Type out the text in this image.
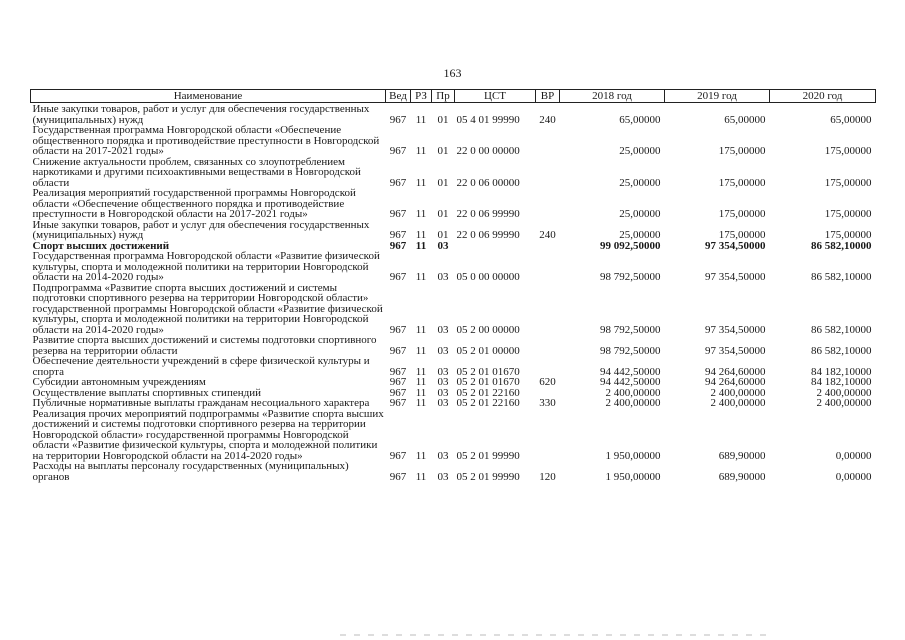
163
Наименование	Вед	РЗ	Пр	ЦСТ	ВР	2018 год	2019 год	2020 год
Иные закупки товаров, работ и услуг для обеспечения государственных (муниципальных) нужд	967	11	01	05 4 01 99990	240	65,00000	65,00000	65,00000
Государственная программа Новгородской области «Обеспечение общественного порядка и противодействие преступности в Новгородской области на 2017-2021 годы»	967	11	01	22 0 00 00000		25,00000	175,00000	175,00000
Снижение актуальности проблем, связанных со злоупотреблением наркотиками и другими психоактивными веществами в Новгородской области	967	11	01	22 0 06 00000		25,00000	175,00000	175,00000
Реализация мероприятий государственной программы Новгородской области «Обеспечение общественного порядка и противодействие преступности в Новгородской области на 2017-2021 годы»	967	11	01	22 0 06 99990		25,00000	175,00000	175,00000
Иные закупки товаров, работ и услуг для обеспечения государственных (муниципальных) нужд	967	11	01	22 0 06 99990	240	25,00000	175,00000	175,00000
Спорт высших достижений	967	11	03			99 092,50000	97 354,50000	86 582,10000
Государственная программа Новгородской области «Развитие физической культуры, спорта и молодежной политики на территории Новгородской области на 2014-2020 годы»	967	11	03	05 0 00 00000		98 792,50000	97 354,50000	86 582,10000
Подпрограмма «Развитие спорта высших достижений и системы подготовки спортивного резерва на территории Новгородской области» государственной программы Новгородской области «Развитие физической культуры, спорта и молодежной политики на территории Новгородской области на 2014-2020 годы»	967	11	03	05 2 00 00000		98 792,50000	97 354,50000	86 582,10000
Развитие спорта высших достижений и системы подготовки спортивного резерва на территории области	967	11	03	05 2 01 00000		98 792,50000	97 354,50000	86 582,10000
Обеспечение деятельности учреждений в сфере физической культуры и спорта	967	11	03	05 2 01 01670		94 442,50000	94 264,60000	84 182,10000
Субсидии автономным учреждениям	967	11	03	05 2 01 01670	620	94 442,50000	94 264,60000	84 182,10000
Осуществление выплаты спортивных стипендий	967	11	03	05 2 01 22160		2 400,00000	2 400,00000	2 400,00000
Публичные нормативные выплаты гражданам несоциального характера	967	11	03	05 2 01 22160	330	2 400,00000	2 400,00000	2 400,00000
Реализация прочих мероприятий подпрограммы «Развитие спорта высших достижений и системы подготовки спортивного резерва на территории Новгородской области» государственной программы Новгородской области «Развитие физической культуры, спорта и молодежной политики на территории Новгородской области на 2014-2020 годы»	967	11	03	05 2 01 99990		1 950,00000	689,90000	0,00000
Расходы на выплаты персоналу государственных (муниципальных) органов	967	11	03	05 2 01 99990	120	1 950,00000	689,90000	0,00000
